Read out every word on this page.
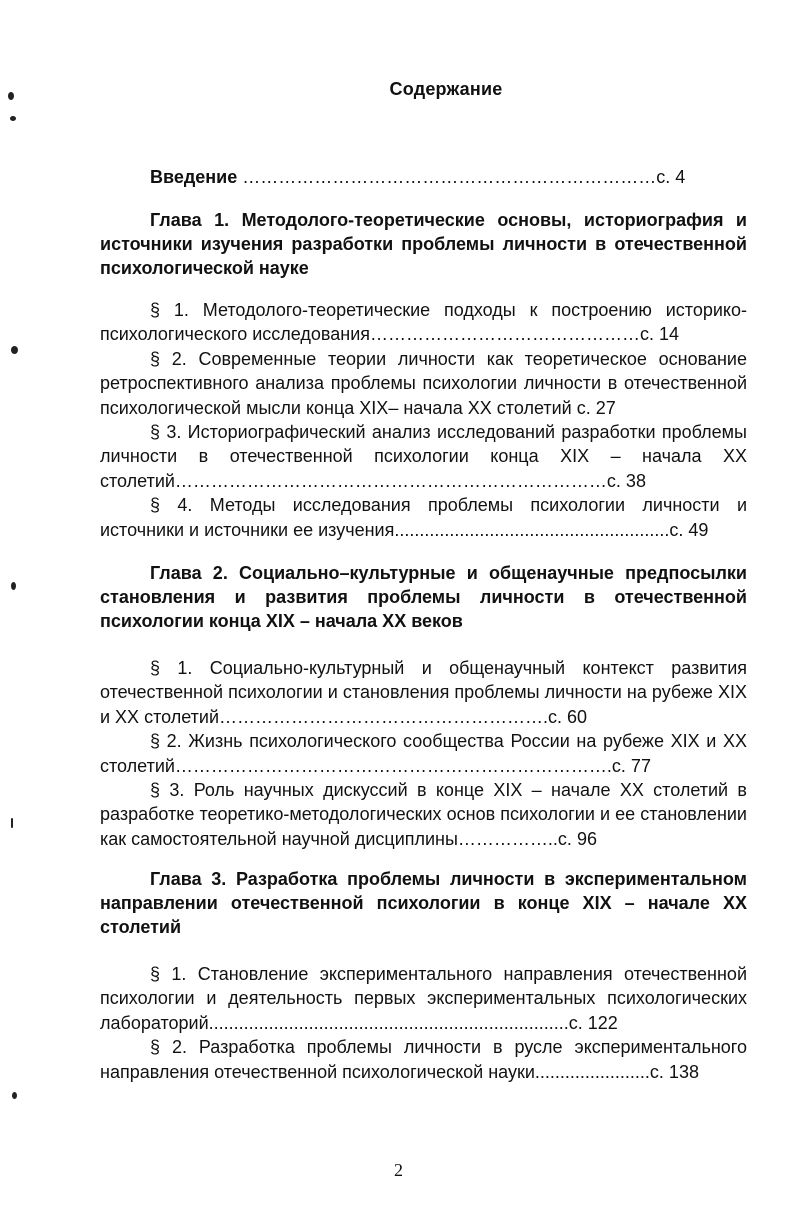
Содержание
Введение ……………………………………………………………с. 4

Глава 1. Методолого-теоретические основы, историография и источники изучения разработки проблемы личности в отечественной психологической науке

§ 1. Методолого-теоретические подходы к построению историко-психологического исследования………………………………………с. 14

§ 2. Современные теории личности как теоретическое основание ретроспективного анализа проблемы психологии личности в отечественной психологической мысли конца XIX– начала XX столетий с. 27

§ 3. Историографический анализ исследований разработки проблемы личности в отечественной психологии конца XIX – начала XX столетий………………………………………………………………с. 38

§ 4. Методы исследования проблемы психологии личности и источники и источники ее изучения.......................................................с. 49

Глава 2. Социально–культурные и общенаучные предпосылки становления и развития проблемы личности в отечественной психологии конца XIX – начала XX веков

§ 1. Социально-культурный и общенаучный контекст развития отечественной психологии и становления проблемы личности на рубеже XIX и XX столетий……………………………………………….с. 60

§ 2. Жизнь психологического сообщества России на рубеже XIX и XX столетий……………………………………………………………….с. 77

§ 3. Роль научных дискуссий в конце XIX – начале XX столетий в разработке теоретико-методологических основ психологии и ее становлении как самостоятельной научной дисциплины……………..с. 96

Глава 3. Разработка проблемы личности в экспериментальном направлении отечественной психологии в конце XIX – начале XX столетий

§ 1. Становление экспериментального направления отечественной психологии и деятельность первых экспериментальных психологических лабораторий........................................................................с. 122

§ 2. Разработка проблемы личности в русле экспериментального направления отечественной психологической науки.......................с. 138

2
